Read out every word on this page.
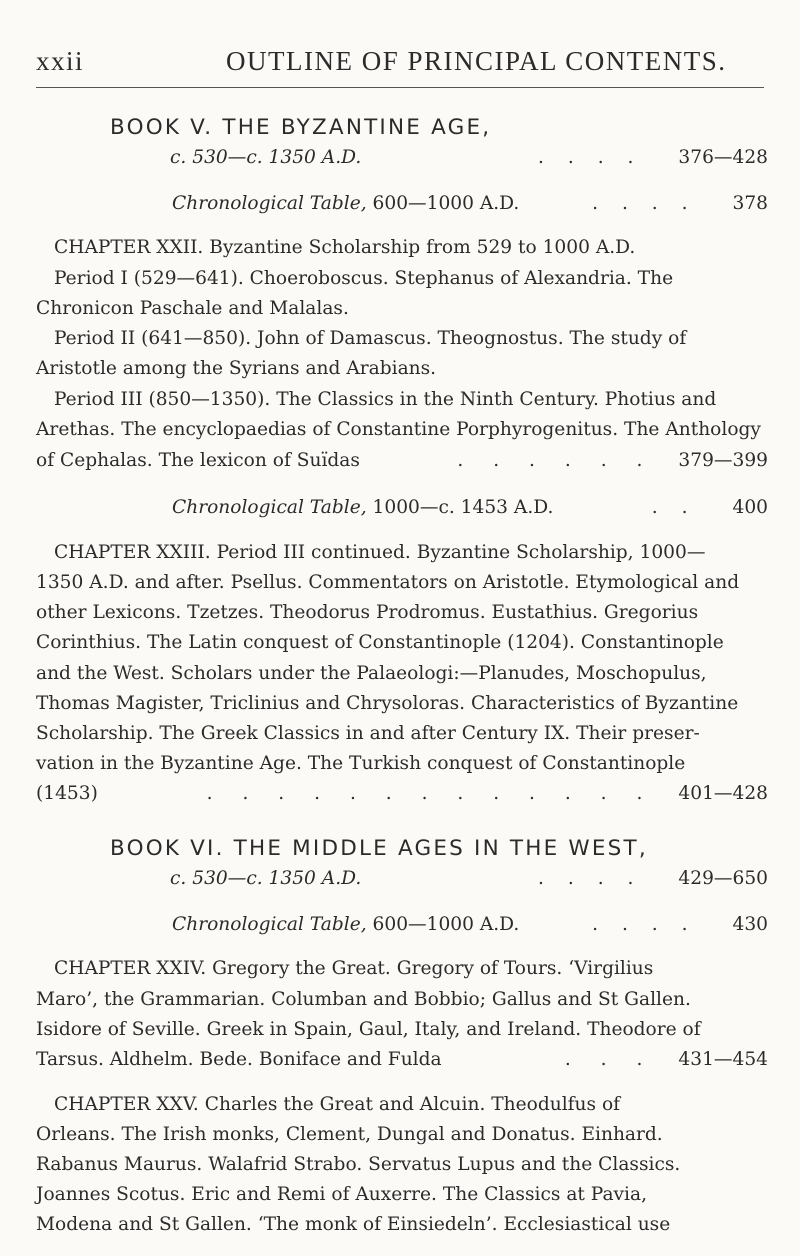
xxii	OUTLINE OF PRINCIPAL CONTENTS.
BOOK V. THE BYZANTINE AGE,
c. 530—c. 1350 A.D.	. . . .	376—428
Chronological Table,
600—1000 A.D.	. . . .	378
CHAPTER XXII. Byzantine Scholarship from 529 to 1000 A.D.
Period I (529—641). Choeroboscus. Stephanus of Alexandria. The
Chronicon Paschale and Malalas.
Period II (641—850). John of Damascus. Theognostus. The study of
Aristotle among the Syrians and Arabians.
Period III (850—1350). The Classics in the Ninth Century. Photius and
Arethas. The encyclopaedias of Constantine Porphyrogenitus. The Anthology
of Cephalas. The lexicon of Suïdas	. . . . . .	379—399
Chronological Table,
1000—c. 1453 A.D.	. .	400
CHAPTER XXIII. Period III continued. Byzantine Scholarship, 1000—
1350 A.D. and after. Psellus. Commentators on Aristotle. Etymological and
other Lexicons. Tzetzes. Theodorus Prodromus. Eustathius. Gregorius
Corinthius. The Latin conquest of Constantinople (1204). Constantinople
and the West. Scholars under the Palaeologi:—Planudes, Moschopulus,
Thomas Magister, Triclinius and Chrysoloras. Characteristics of Byzantine
Scholarship. The Greek Classics in and after Century IX. Their preser-
vation in the Byzantine Age. The Turkish conquest of Constantinople
(1453)	. . . . . . . . . . . . .	401—428
BOOK VI. THE MIDDLE AGES IN THE WEST,
c. 530—c. 1350 A.D.	. . . .	429—650
Chronological Table,
600—1000 A.D.	. . . .	430
CHAPTER XXIV. Gregory the Great. Gregory of Tours. ‘Virgilius
Maro’, the Grammarian. Columban and Bobbio; Gallus and St Gallen.
Isidore of Seville. Greek in Spain, Gaul, Italy, and Ireland. Theodore of
Tarsus. Aldhelm. Bede. Boniface and Fulda	. . .	431—454
CHAPTER XXV. Charles the Great and Alcuin. Theodulfus of
Orleans. The Irish monks, Clement, Dungal and Donatus. Einhard.
Rabanus Maurus. Walafrid Strabo. Servatus Lupus and the Classics.
Joannes Scotus. Eric and Remi of Auxerre. The Classics at Pavia,
Modena and St Gallen. ‘The monk of Einsiedeln’. Ecclesiastical use
